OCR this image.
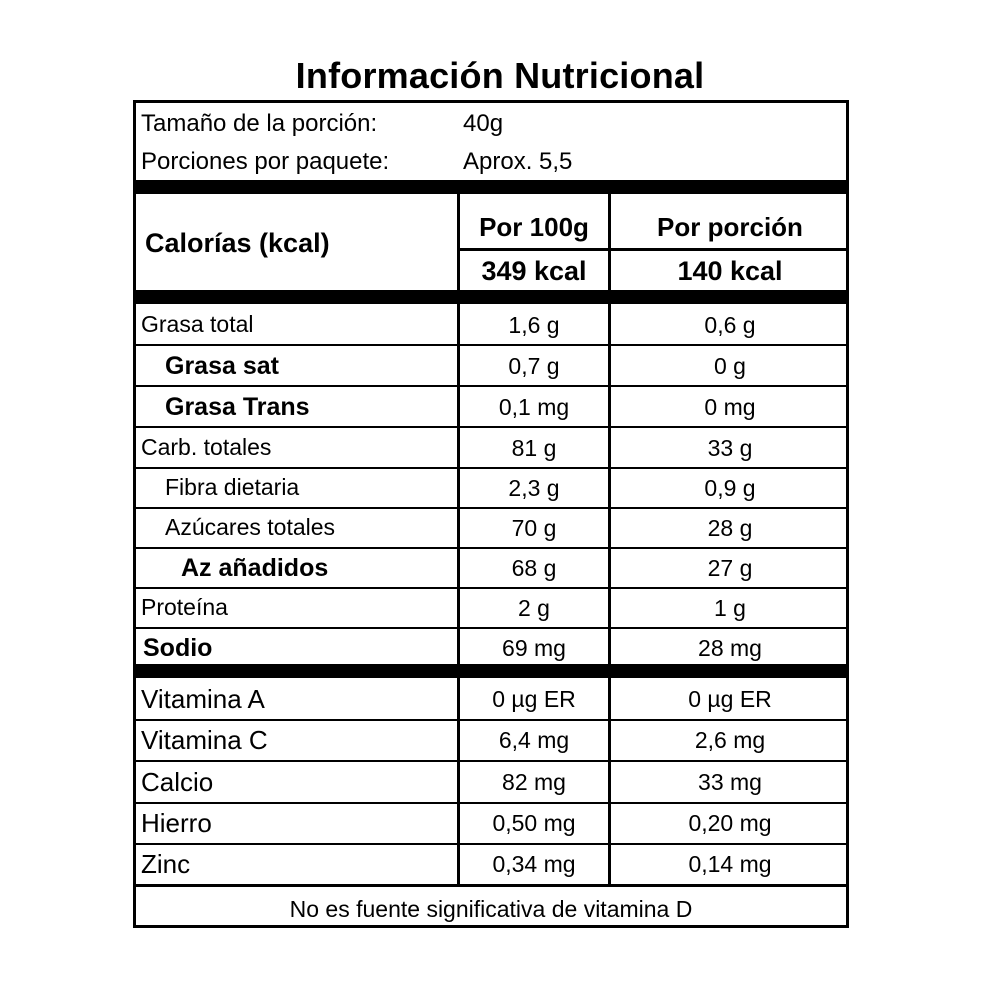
Información Nutricional
Tamaño de la porción:	40g
Porciones por paquete:	Aprox. 5,5
Calorías (kcal)
Por 100g	Por porción
349 kcal	140 kcal
Grasa total	1,6 g	0,6 g
Grasa sat	0,7 g	0 g
Grasa Trans	0,1 mg	0 mg
Carb. totales	81 g	33 g
Fibra dietaria	2,3 g	0,9 g
Azúcares totales	70 g	28 g
Az añadidos	68 g	27 g
Proteína	2 g	1 g
Sodio	69 mg	28 mg
Vitamina A	0 µg ER	0 µg ER
Vitamina C	6,4 mg	2,6 mg
Calcio	82 mg	33 mg
Hierro	0,50 mg	0,20 mg
Zinc	0,34 mg	0,14 mg
No es fuente significativa de vitamina D
